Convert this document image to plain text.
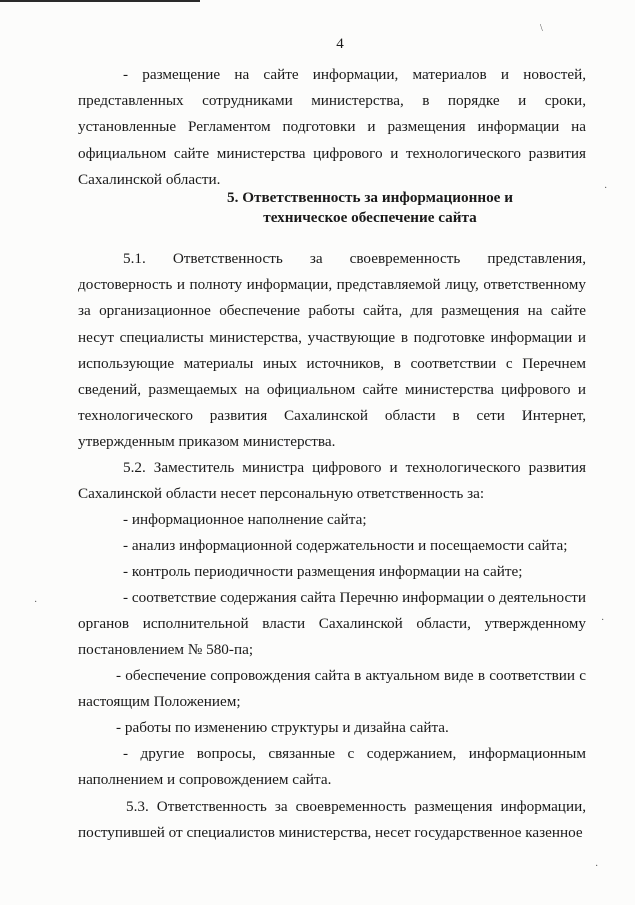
\
·
·
·
·
4
- размещение на сайте информации, материалов и новостей, представленных сотрудниками министерства, в порядке и сроки, установленные Регламентом подготовки и размещения информации на официальном сайте министерства цифрового и технологического развития Сахалинской области.
5. Ответственность за информационное и
техническое обеспечение сайта
5.1. Ответственность за своевременность представления, достоверность и полноту информации, представляемой лицу, ответственному за организационное обеспечение работы сайта, для размещения на сайте несут специалисты министерства, участвующие в подготовке информации и использующие материалы иных источников, в соответствии с Перечнем сведений, размещаемых на официальном сайте министерства цифрового и технологического развития Сахалинской области в сети Интернет, утвержденным приказом министерства.
5.2. Заместитель министра цифрового и технологического развития Сахалинской области несет персональную ответственность за:
- информационное наполнение сайта;
- анализ информационной содержательности и посещаемости сайта;
- контроль периодичности размещения информации на сайте;
- соответствие содержания сайта Перечню информации о деятельности органов исполнительной власти Сахалинской области, утвержденному постановлением № 580-па;
- обеспечение сопровождения сайта в актуальном виде в соответствии с настоящим Положением;
- работы по изменению структуры и дизайна сайта.
- другие вопросы, связанные с содержанием, информационным наполнением и сопровождением сайта.
5.3. Ответственность за своевременность размещения информации, поступившей от специалистов министерства, несет государственное казенное
